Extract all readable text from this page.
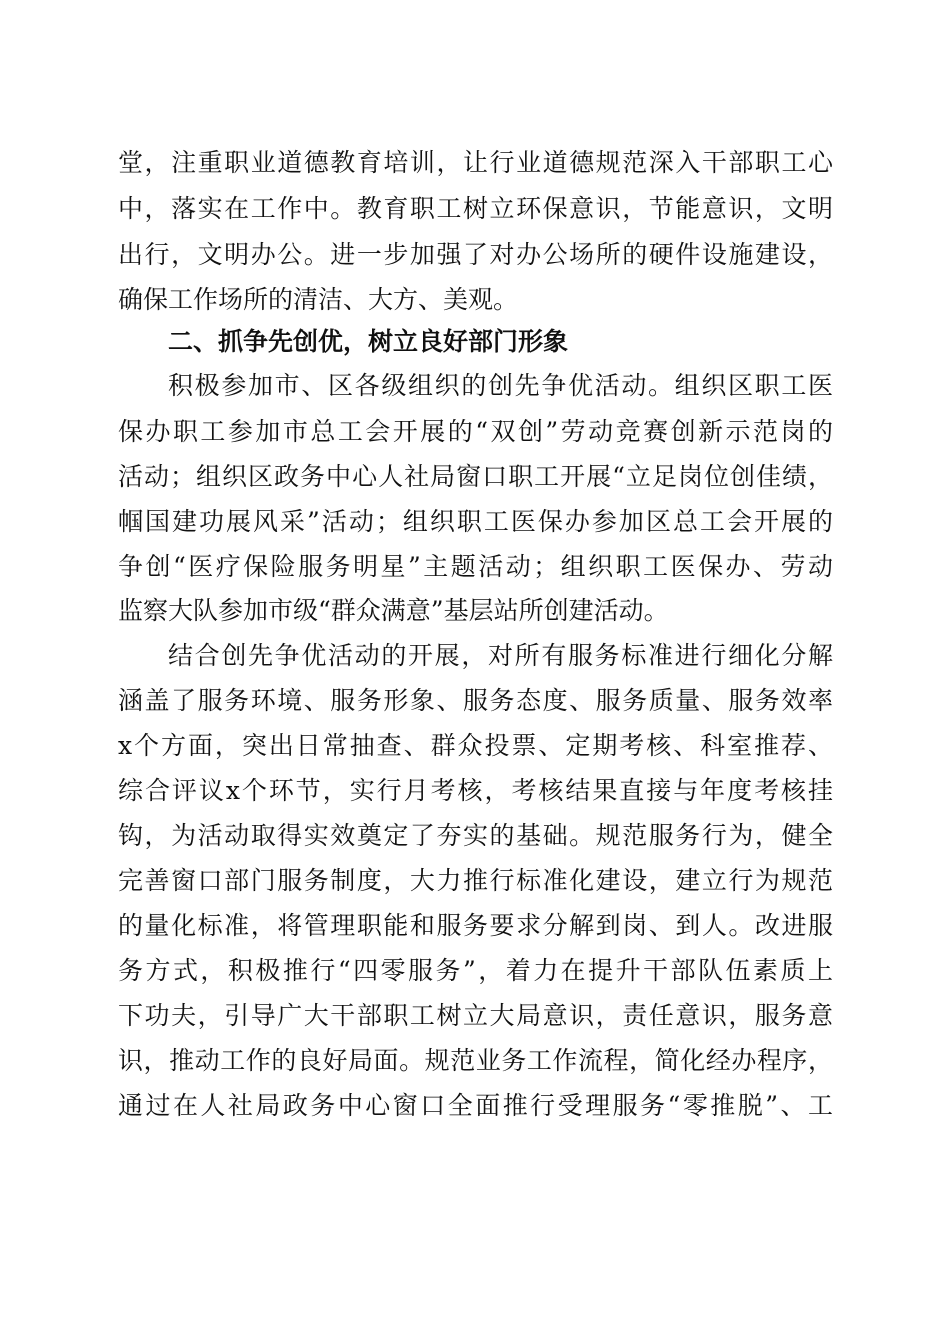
堂，注重职业道德教育培训，让行业道德规范深入干部职工心
中，落实在工作中。教育职工树立环保意识，节能意识，文明
出行，文明办公。进一步加强了对办公场所的硬件设施建设，
确保工作场所的清洁、大方、美观。
二、抓争先创优，树立良好部门形象
积极参加市、区各级组织的创先争优活动。组织区职工医
保办职工参加市总工会开展的“双创”劳动竞赛创新示范岗的
活动；组织区政务中心人社局窗口职工开展“立足岗位创佳绩，
帼国建功展风采”活动；组织职工医保办参加区总工会开展的
争创“医疗保险服务明星”主题活动；组织职工医保办、劳动
监察大队参加市级“群众满意”基层站所创建活动。
结合创先争优活动的开展，对所有服务标准进行细化分解
涵盖了服务环境、服务形象、服务态度、服务质量、服务效率
x个方面，突出日常抽查、群众投票、定期考核、科室推荐、
综合评议x个环节，实行月考核，考核结果直接与年度考核挂
钩，为活动取得实效奠定了夯实的基础。规范服务行为，健全
完善窗口部门服务制度，大力推行标准化建设，建立行为规范
的量化标准，将管理职能和服务要求分解到岗、到人。改进服
务方式，积极推行“四零服务”，着力在提升干部队伍素质上
下功夫，引导广大干部职工树立大局意识，责任意识，服务意
识，推动工作的良好局面。规范业务工作流程，简化经办程序，
通过在人社局政务中心窗口全面推行受理服务“零推脱”、工
